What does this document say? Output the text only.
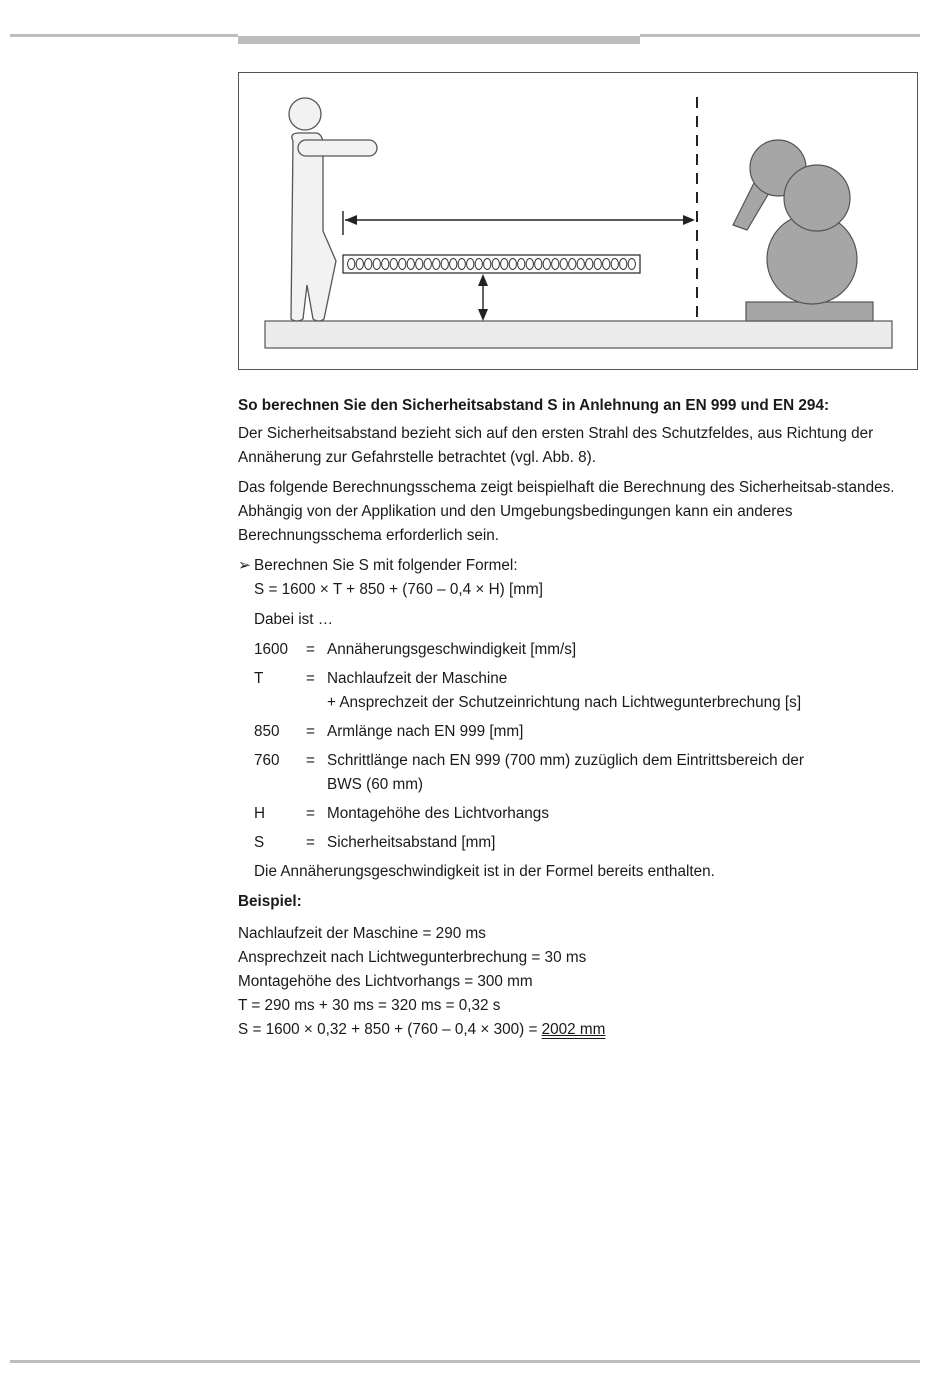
So berechnen Sie den Sicherheitsabstand S in Anlehnung an EN 999 und EN 294:

Der Sicherheitsabstand bezieht sich auf den ersten Strahl des Schutzfeldes, aus Richtung der Annäherung zur Gefahrstelle betrachtet (vgl. Abb. 8).

Das folgende Berechnungsschema zeigt beispielhaft die Berechnung des Sicherheitsab-standes. Abhängig von der Applikation und den Umgebungsbedingungen kann ein anderes Berechnungsschema erforderlich sein.

➢ Berechnen Sie S mit folgender Formel:

S = 1600 × T + 850 + (760 – 0,4 × H) [mm]

Dabei ist …

1600	= Annäherungsgeschwindigkeit [mm/s]
T	= Nachlaufzeit der Maschine
+ Ansprechzeit der Schutzeinrichtung nach Lichtwegunterbrechung [s]
850	= Armlänge nach EN 999 [mm]
760	= Schrittlänge nach EN 999 (700 mm) zuzüglich dem Eintrittsbereich der
BWS (60 mm)
H	= Montagehöhe des Lichtvorhangs
S	= Sicherheitsabstand [mm]

Die Annäherungsgeschwindigkeit ist in der Formel bereits enthalten.

Beispiel:

Nachlaufzeit der Maschine = 290 ms

Ansprechzeit nach Lichtwegunterbrechung = 30 ms

Montagehöhe des Lichtvorhangs = 300 mm

T = 290 ms + 30 ms = 320 ms = 0,32 s

S = 1600 × 0,32 + 850 + (760 – 0,4 × 300) = 2002 mm
